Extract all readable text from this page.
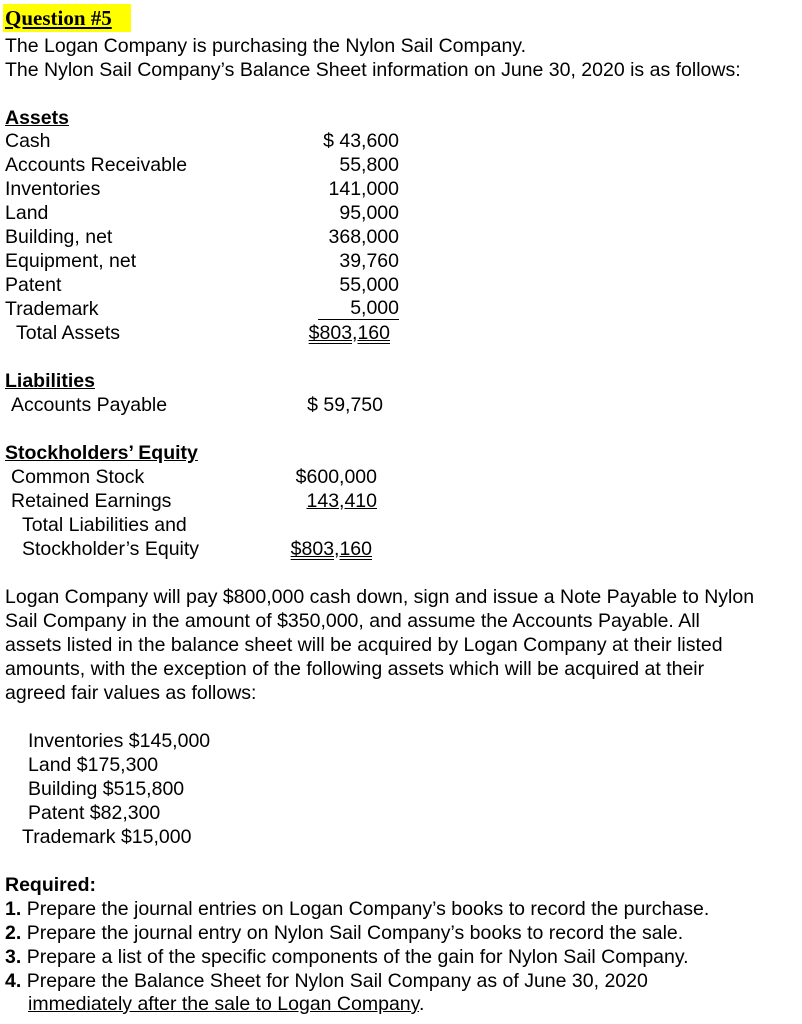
Question #5
The Logan Company is purchasing the Nylon Sail Company.
The Nylon Sail Company’s Balance Sheet information on June 30, 2020 is as follows:
Assets
Cash	$ 43,600
Accounts Receivable	55,800
Inventories	141,000
Land	95,000
Building, net	368,000
Equipment, net	39,760
Patent	55,000
Trademark	5,000
Total Assets	$803,160
Liabilities
Accounts Payable	$ 59,750
Stockholders’ Equity
Common Stock	$600,000
Retained Earnings	143,410
Total Liabilities and
Stockholder’s Equity	$803,160
Logan Company will pay $800,000 cash down, sign and issue a Note Payable to Nylon
Sail Company in the amount of $350,000, and assume the Accounts Payable. All
assets listed in the balance sheet will be acquired by Logan Company at their listed
amounts, with the exception of the following assets which will be acquired at their
agreed fair values as follows:
Inventories $145,000
Land $175,300
Building $515,800
Patent $82,300
Trademark $15,000
Required:
1. Prepare the journal entries on Logan Company’s books to record the purchase.
2. Prepare the journal entry on Nylon Sail Company’s books to record the sale.
3. Prepare a list of the specific components of the gain for Nylon Sail Company.
4. Prepare the Balance Sheet for Nylon Sail Company as of June 30, 2020
immediately after the sale to Logan Company.
